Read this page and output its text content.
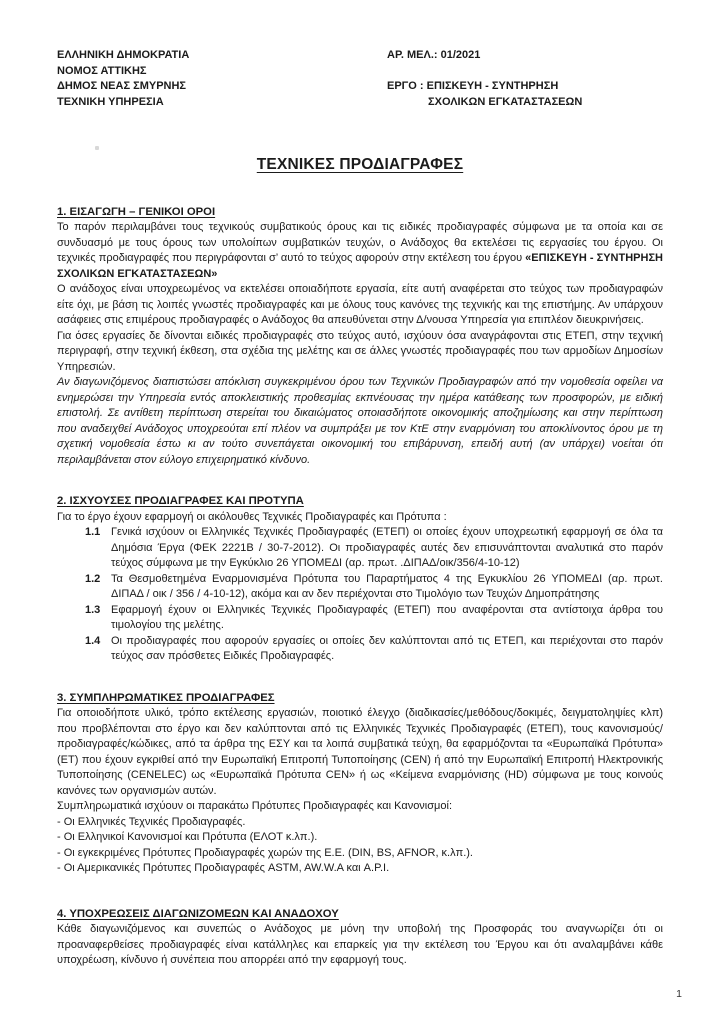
ΕΛΛΗΝΙΚΗ ΔΗΜΟΚΡΑΤΙΑ
ΝΟΜΟΣ ΑΤΤΙΚΗΣ
ΔΗΜΟΣ ΝΕΑΣ ΣΜΥΡΝΗΣ
ΤΕΧΝΙΚΗ ΥΠΗΡΕΣΙΑ
ΑΡ. ΜΕΛ.: 01/2021
ΕΡΓΟ : ΕΠΙΣΚΕΥΗ - ΣΥΝΤΗΡΗΣΗ
ΣΧΟΛΙΚΩΝ ΕΓΚΑΤΑΣΤΑΣΕΩΝ
ΤΕΧΝΙΚΕΣ ΠΡΟΔΙΑΓΡΑΦΕΣ
1. ΕΙΣΑΓΩΓΗ – ΓΕΝΙΚΟΙ ΟΡΟΙ

Το παρόν περιλαμβάνει τους τεχνικούς συμβατικούς όρους και τις ειδικές προδιαγραφές σύμφωνα με τα οποία και σε συνδυασμό με τους όρους των υπολοίπων συμβατικών τευχών, ο Ανάδοχος θα εκτελέσει τις εεργασίες του έργου. Οι τεχνικές προδιαγραφές που περιγράφονται σ’ αυτό το τεύχος αφορούν στην εκτέλεση του έργου «ΕΠΙΣΚΕΥΗ - ΣΥΝΤΗΡΗΣΗ ΣΧΟΛΙΚΩΝ ΕΓΚΑΤΑΣΤΑΣΕΩΝ»

Ο ανάδοχος είναι υποχρεωμένος να εκτελέσει οποιαδήποτε εργασία, είτε αυτή αναφέρεται στο τεύχος των προδιαγραφών είτε όχι, με βάση τις λοιπές γνωστές προδιαγραφές και με όλους τους κανόνες της τεχνικής και της επιστήμης. Αν υπάρχουν ασάφειες στις επιμέρους προδιαγραφές ο Ανάδοχος θα απευθύνεται στην Δ/νουσα Υπηρεσία για επιπλέον διευκρινήσεις.

Για όσες εργασίες δε δίνονται ειδικές προδιαγραφές στο τεύχος αυτό, ισχύουν όσα αναγράφονται στις ΕΤΕΠ, στην τεχνική περιγραφή, στην τεχνική έκθεση, στα σχέδια της μελέτης και σε άλλες γνωστές προδιαγραφές που των αρμοδίων Δημοσίων Υπηρεσιών.

Αν διαγωνιζόμενος διαπιστώσει απόκλιση συγκεκριμένου όρου των Τεχνικών Προδιαγραφών από την νομοθεσία οφείλει να ενημερώσει την Υπηρεσία εντός αποκλειστικής προθεσμίας εκπνέουσας την ημέρα κατάθεσης των προσφορών, με ειδική επιστολή. Σε αντίθετη περίπτωση στερείται του δικαιώματος οποιασδήποτε οικονομικής αποζημίωσης και στην περίπτωση που αναδειχθεί Ανάδοχος υποχρεούται επί πλέον να συμπράξει με τον ΚτΕ στην εναρμόνιση του αποκλίνοντος όρου με τη σχετική νομοθεσία έστω κι αν τούτο συνεπάγεται οικονομική του επιβάρυνση, επειδή αυτή (αν υπάρχει) νοείται ότι περιλαμβάνεται στον εύλογο επιχειρηματικό κίνδυνο.

2. ΙΣΧΥΟΥΣΕΣ ΠΡΟΔΙΑΓΡΑΦΕΣ ΚΑΙ ΠΡΟΤΥΠΑ

Για το έργο έχουν εφαρμογή οι ακόλουθες Τεχνικές Προδιαγραφές και Πρότυπα :

1.1 Γενικά ισχύουν οι Ελληνικές Τεχνικές Προδιαγραφές (ΕΤΕΠ) οι οποίες έχουν υποχρεωτική εφαρμογή σε όλα τα Δημόσια Έργα (ΦΕΚ 2221Β / 30-7-2012). Οι προδιαγραφές αυτές δεν επισυνάπτονται αναλυτικά στο παρόν τεύχος σύμφωνα με την Εγκύκλιο 26 ΥΠΟΜΕΔΙ (αρ. πρωτ. .ΔΙΠΑΔ/οικ/356/4-10-12)
1.2 Τα Θεσμοθετημένα Εναρμονισμένα Πρότυπα του Παραρτήματος 4 της Εγκυκλίου 26 ΥΠΟΜΕΔΙ (αρ. πρωτ. ΔΙΠΑΔ / οικ / 356 / 4-10-12), ακόμα και αν δεν περιέχονται στο Τιμολόγιο των Τευχών Δημοπράτησης
1.3 Εφαρμογή έχουν οι Ελληνικές Τεχνικές Προδιαγραφές (ΕΤΕΠ) που αναφέρονται στα αντίστοιχα άρθρα του τιμολογίου της μελέτης.
1.4 Οι προδιαγραφές που αφορούν εργασίες οι οποίες δεν καλύπτονται από τις ΕΤΕΠ, και περιέχονται στο παρόν τεύχος σαν πρόσθετες Ειδικές Προδιαγραφές.
3. ΣΥΜΠΛΗΡΩΜΑΤΙΚΕΣ ΠΡΟΔΙΑΓΡΑΦΕΣ

Για οποιοδήποτε υλικό, τρόπο εκτέλεσης εργασιών, ποιοτικό έλεγχο (διαδικασίες/μεθόδους/δοκιμές, δειγματοληψίες κλπ) που προβλέπονται στο έργο και δεν καλύπτονται από τις Ελληνικές Τεχνικές Προδιαγραφές (ΕΤΕΠ), τους κανονισμούς/προδιαγραφές/κώδικες, από τα άρθρα της ΕΣΥ και τα λοιπά συμβατικά τεύχη, θα εφαρμόζονται τα «Ευρωπαϊκά Πρότυπα» (ΕΤ) που έχουν εγκριθεί από την Ευρωπαϊκή Επιτροπή Τυποποίησης (CEN) ή από την Ευρωπαϊκή Επιτροπή Ηλεκτρονικής Τυποποίησης (CENELEC) ως «Ευρωπαϊκά Πρότυπα CEN» ή ως «Κείμενα εναρμόνισης (HD) σύμφωνα με τους κοινούς κανόνες των οργανισμών αυτών.

Συμπληρωματικά ισχύουν οι παρακάτω Πρότυπες Προδιαγραφές και Κανονισμοί:

- Οι Ελληνικές Τεχνικές Προδιαγραφές.

- Οι Ελληνικοί Κανονισμοί και Πρότυπα (ΕΛΟΤ κ.λπ.).

- Οι εγκεκριμένες Πρότυπες Προδιαγραφές χωρών της Ε.Ε. (DIN, BS, AFNOR, κ.λπ.).

- Οι Αμερικανικές Πρότυπες Προδιαγραφές ASTM, AW.W.A και A.P.I.

4. ΥΠΟΧΡΕΩΣΕΙΣ ΔΙΑΓΩΝΙΖΟΜΕΩΝ ΚΑΙ ΑΝΑΔΟΧΟΥ

Κάθε διαγωνιζόμενος και συνεπώς ο Ανάδοχος με μόνη την υποβολή της Προσφοράς του αναγνωρίζει ότι οι προαναφερθείσες προδιαγραφές είναι κατάλληλες και επαρκείς για την εκτέλεση του Έργου και ότι αναλαμβάνει κάθε υποχρέωση, κίνδυνο ή συνέπεια που απορρέει από την εφαρμογή τους.

1
